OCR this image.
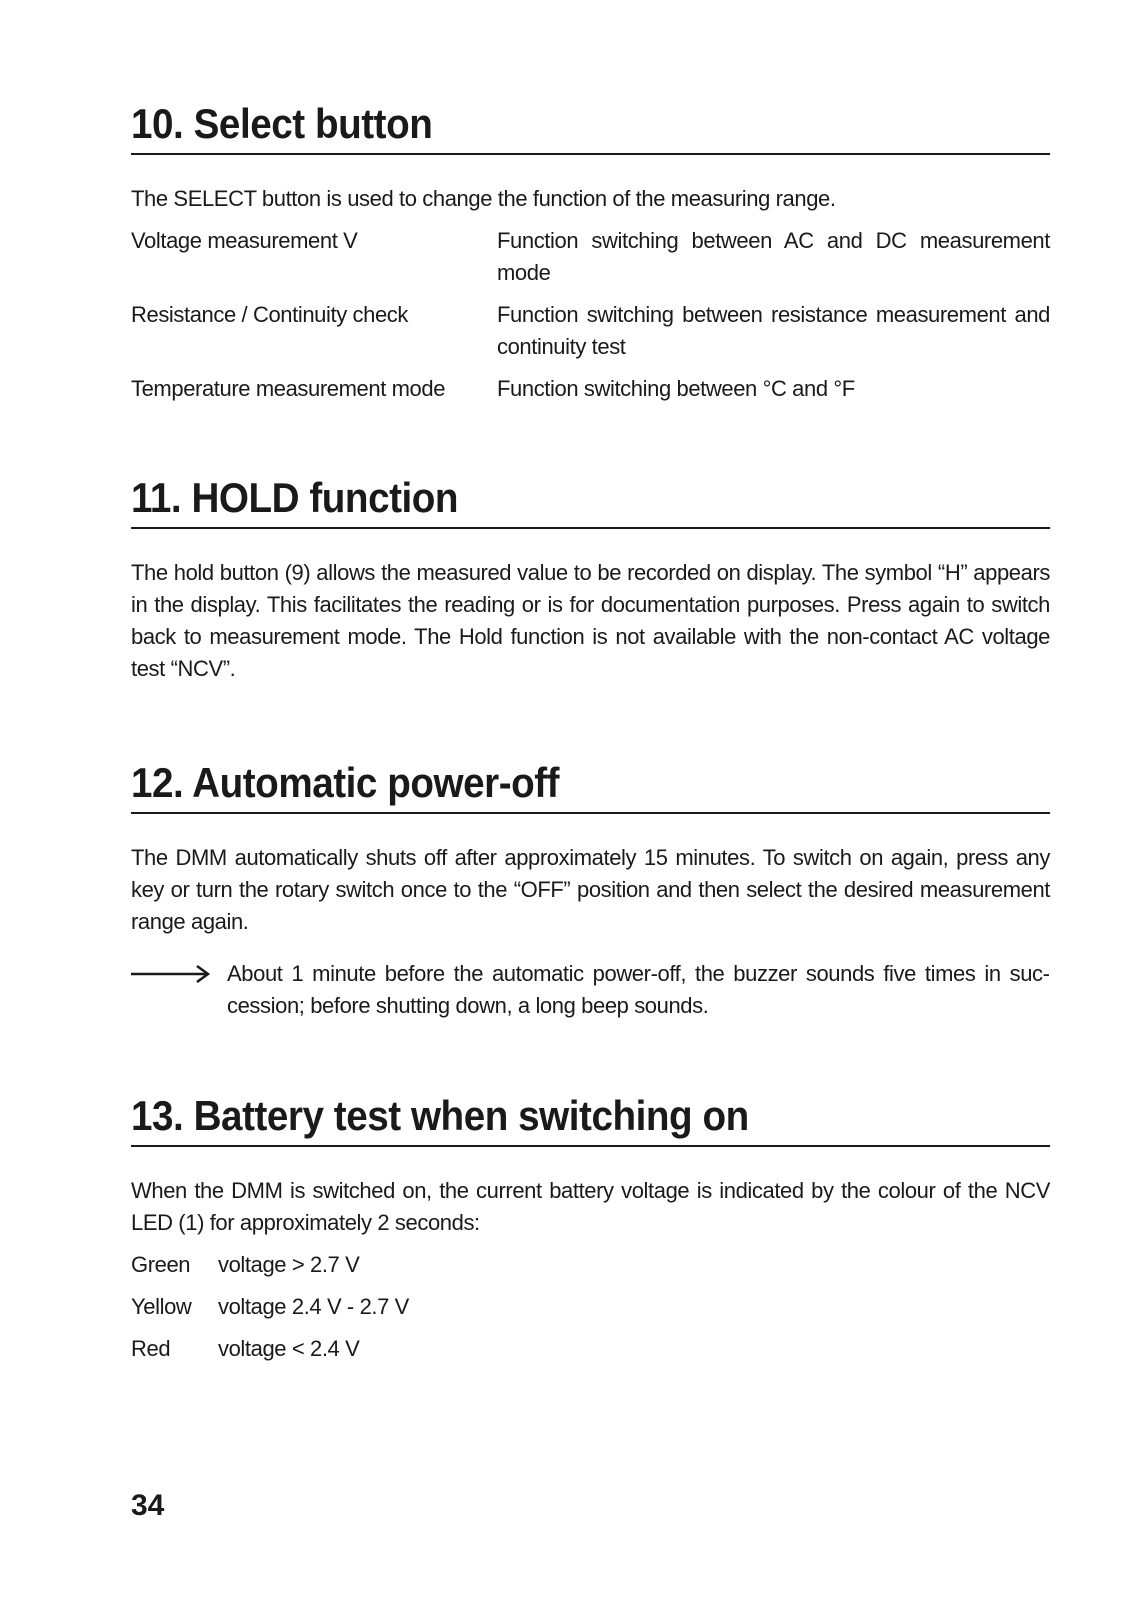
10. Select button

The SELECT button is used to change the function of the measuring range.

Voltage measurement V	Function switching between AC and DC measurement mode
Resistance / Continuity check	Function switching between resistance measurement and continuity test
Temperature measurement mode	Function switching between °C and °F
11. HOLD function

The hold button (9) allows the measured value to be recorded on display. The symbol “H” appears in the display. This facilitates the reading or is for documentation purposes. Press again to switch back to measurement mode. The Hold function is not available with the non-contact AC voltage test “NCV”.

12. Automatic power-off

The DMM automatically shuts off after approximately 15 minutes. To switch on again, press any key or turn the rotary switch once to the “OFF” position and then select the desired measurement range again.

About 1 minute before the automatic power-off, the buzzer sounds five times in succession; before shutting down, a long beep sounds.
13. Battery test when switching on

When the DMM is switched on, the current battery voltage is indicated by the colour of the NCV LED (1) for approximately 2 seconds:

Green	voltage > 2.7 V
Yellow	voltage 2.4 V - 2.7 V
Red	voltage < 2.4 V
34
